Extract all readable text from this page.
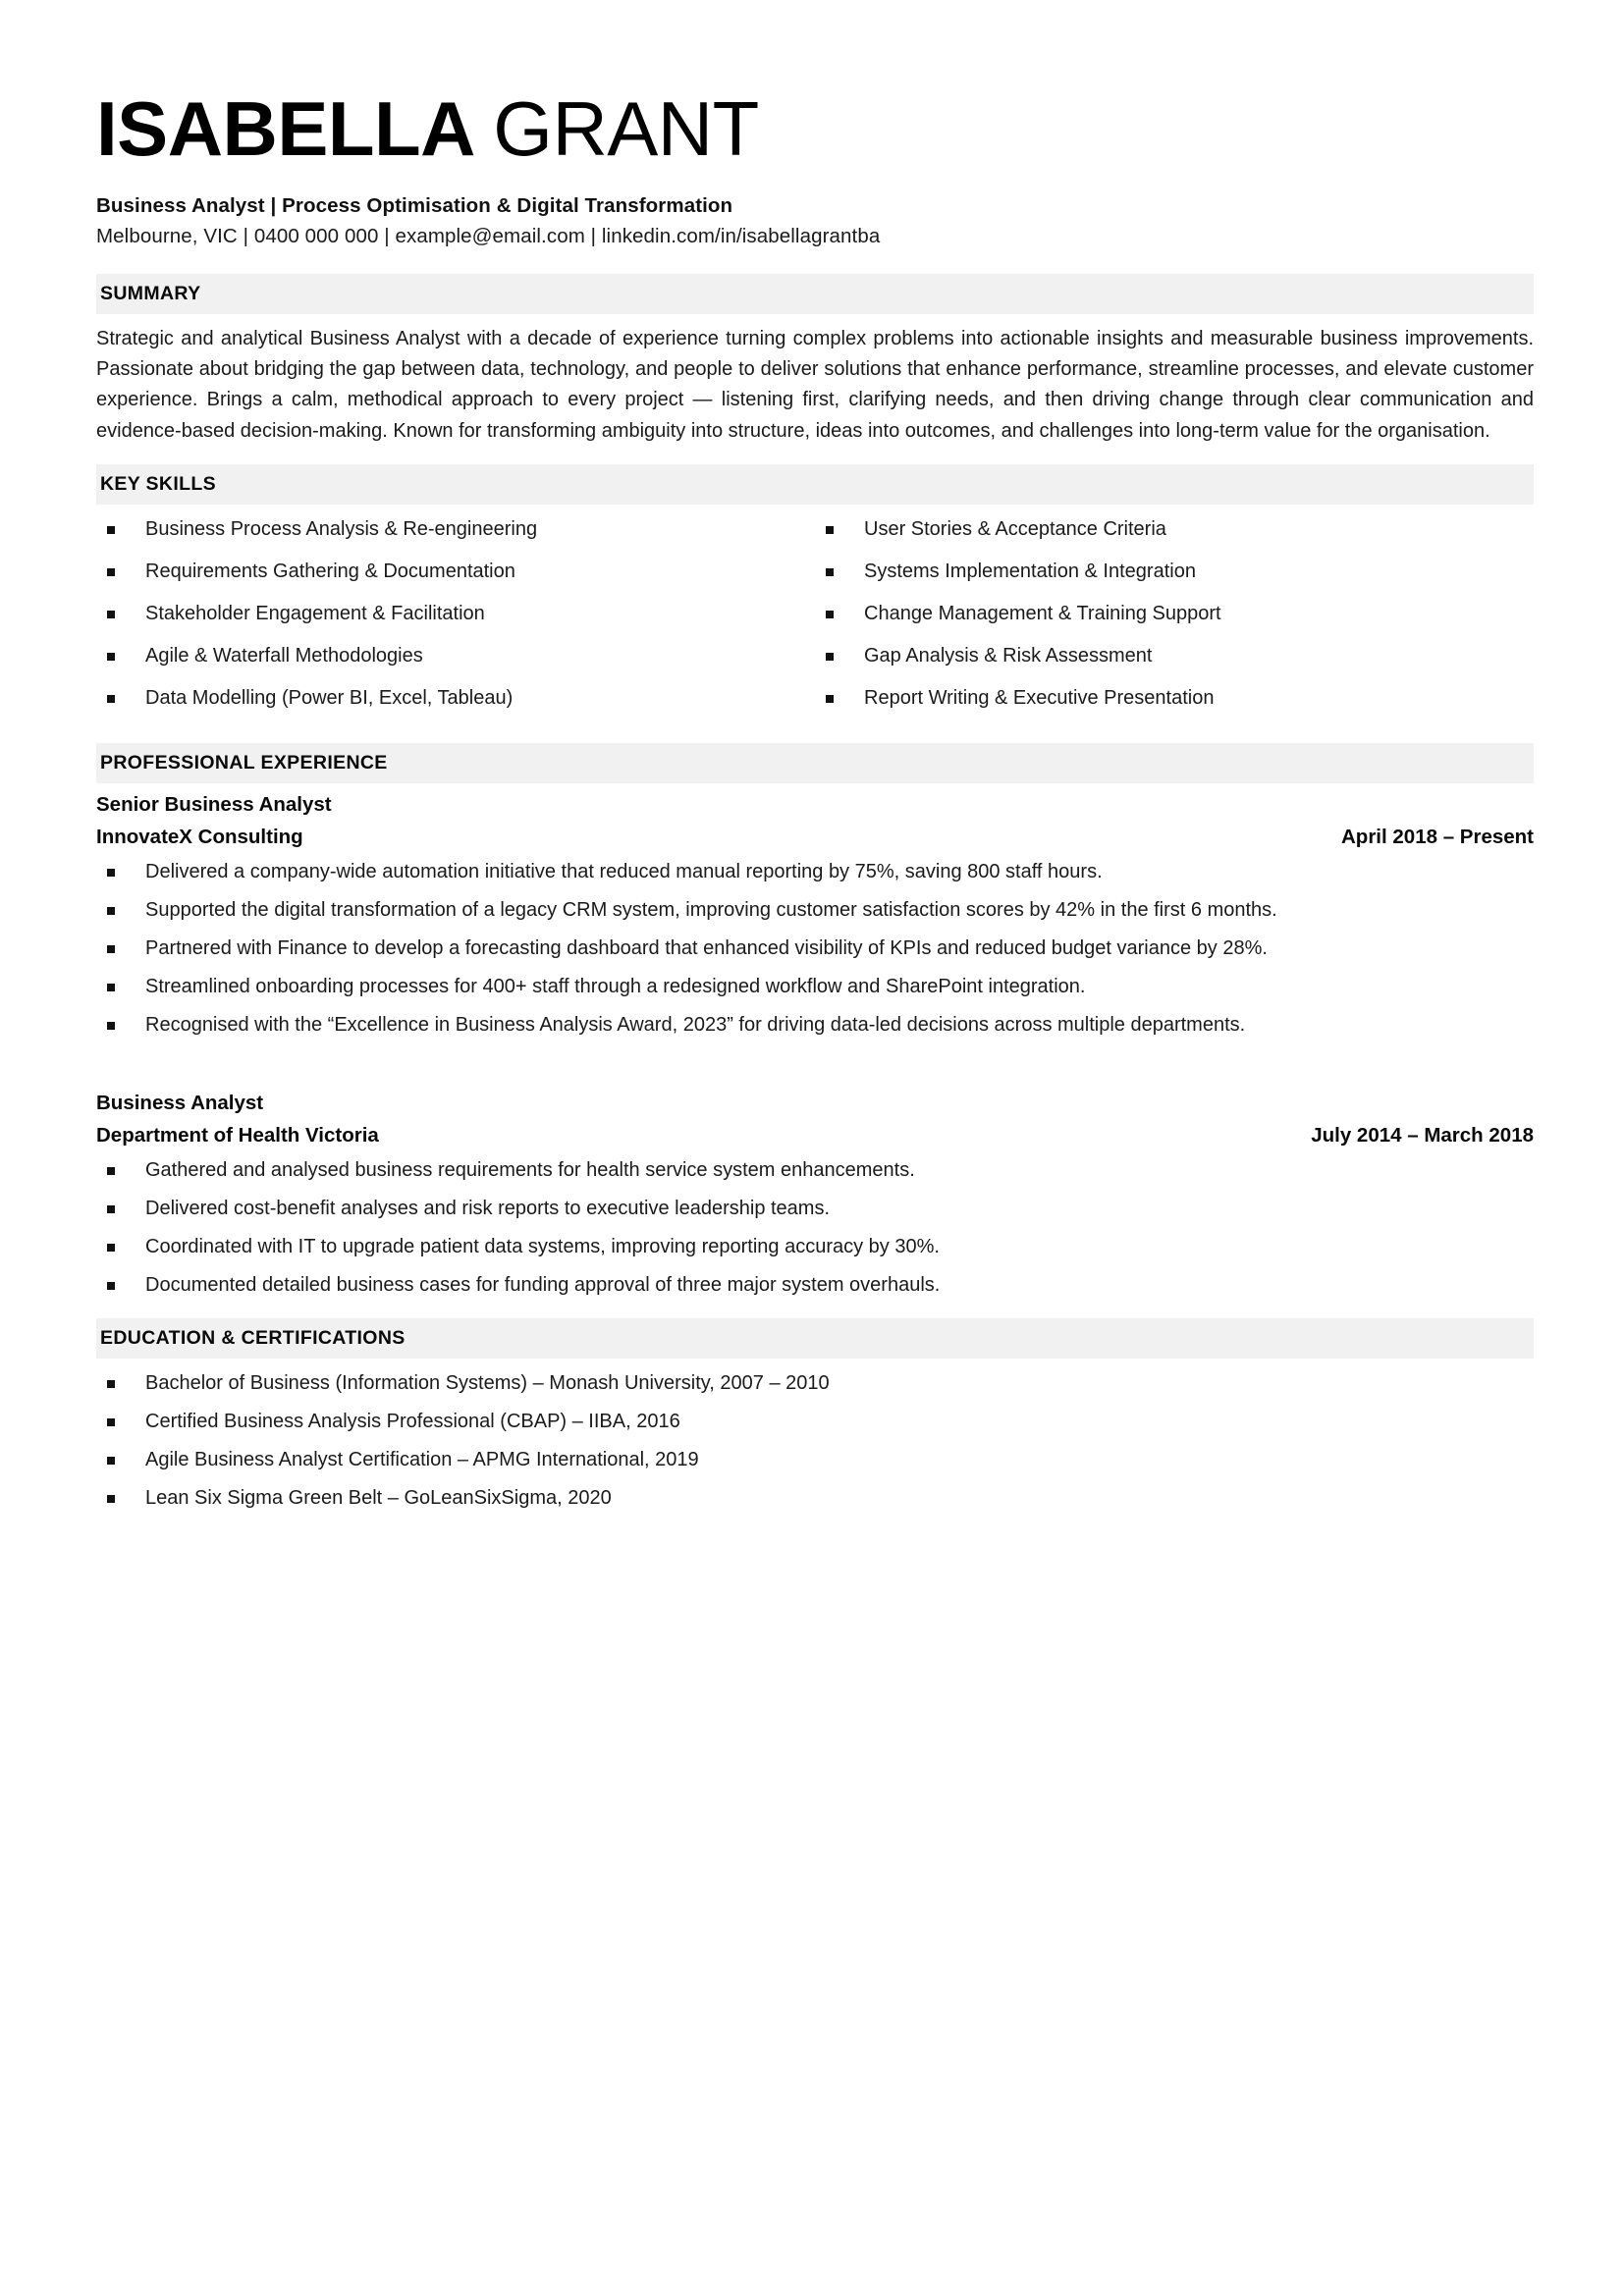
ISABELLA GRANT
Business Analyst | Process Optimisation & Digital Transformation
Melbourne, VIC | 0400 000 000 | example@email.com | linkedin.com/in/isabellagrantba
SUMMARY

Strategic and analytical Business Analyst with a decade of experience turning complex problems into actionable insights and measurable business improvements. Passionate about bridging the gap between data, technology, and people to deliver solutions that enhance performance, streamline processes, and elevate customer experience. Brings a calm, methodical approach to every project — listening first, clarifying needs, and then driving change through clear communication and evidence-based decision-making. Known for transforming ambiguity into structure, ideas into outcomes, and challenges into long-term value for the organisation.

KEY SKILLS
Business Process Analysis & Re-engineering
Requirements Gathering & Documentation
Stakeholder Engagement & Facilitation
Agile & Waterfall Methodologies
Data Modelling (Power BI, Excel, Tableau)
User Stories & Acceptance Criteria
Systems Implementation & Integration
Change Management & Training Support
Gap Analysis & Risk Assessment
Report Writing & Executive Presentation
PROFESSIONAL EXPERIENCE
Senior Business Analyst
InnovateX Consulting	April 2018 – Present
Delivered a company-wide automation initiative that reduced manual reporting by 75%, saving 800 staff hours.
Supported the digital transformation of a legacy CRM system, improving customer satisfaction scores by 42% in the first 6 months.
Partnered with Finance to develop a forecasting dashboard that enhanced visibility of KPIs and reduced budget variance by 28%.
Streamlined onboarding processes for 400+ staff through a redesigned workflow and SharePoint integration.
Recognised with the “Excellence in Business Analysis Award, 2023” for driving data-led decisions across multiple departments.
Business Analyst
Department of Health Victoria	July 2014 – March 2018
Gathered and analysed business requirements for health service system enhancements.
Delivered cost-benefit analyses and risk reports to executive leadership teams.
Coordinated with IT to upgrade patient data systems, improving reporting accuracy by 30%.
Documented detailed business cases for funding approval of three major system overhauls.
EDUCATION & CERTIFICATIONS
Bachelor of Business (Information Systems) – Monash University, 2007 – 2010
Certified Business Analysis Professional (CBAP) – IIBA, 2016
Agile Business Analyst Certification – APMG International, 2019
Lean Six Sigma Green Belt – GoLeanSixSigma, 2020
